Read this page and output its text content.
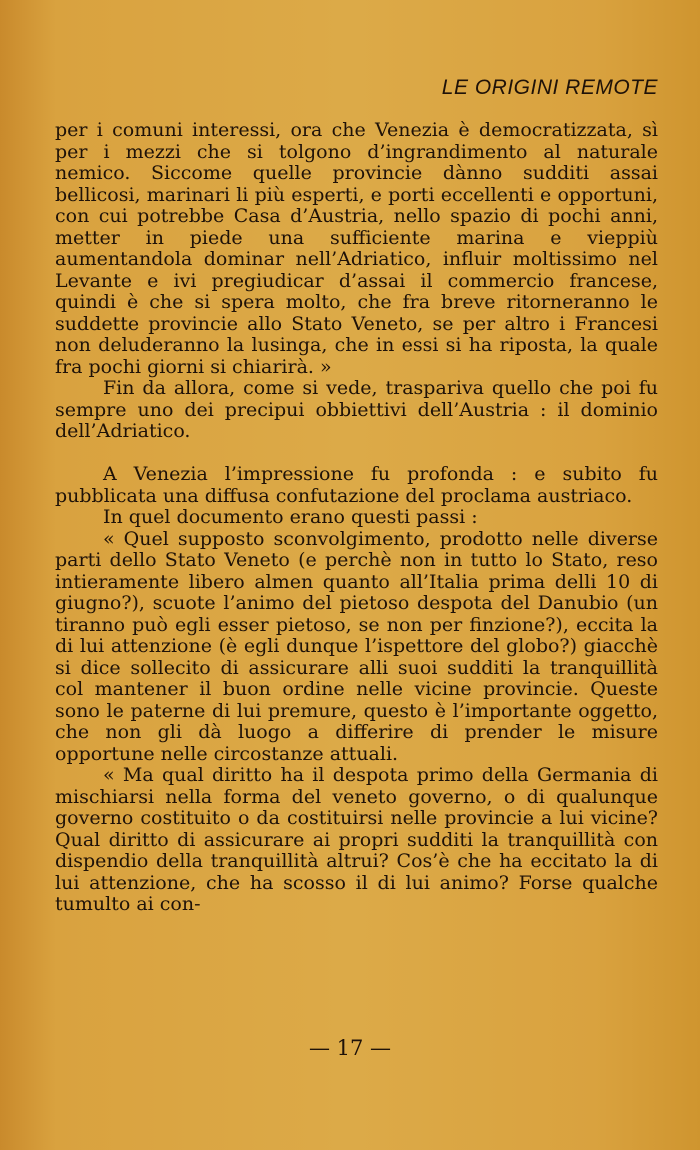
LE ORIGINI REMOTE

per i comuni interessi, ora che Venezia è democratizzata, sì per i mezzi che si tolgono d’ingrandimento al naturale nemico. Siccome quelle provincie dànno sudditi assai bellicosi, marinari li più esperti, e porti eccellenti e opportuni, con cui potrebbe Casa d’Austria, nello spazio di pochi anni, metter in piede una sufficiente marina e vieppiù aumentandola dominar nell’Adriatico, influir moltissimo nel Levante e ivi pregiudicar d’assai il commercio francese, quindi è che si spera molto, che fra breve ritorneranno le suddette provincie allo Stato Veneto, se per altro i Francesi non deluderanno la lusinga, che in essi si ha riposta, la quale fra pochi giorni si chiarirà. »

Fin da allora, come si vede, traspariva quello che poi fu sempre uno dei precipui obbiettivi dell’Austria : il dominio dell’Adriatico.

A Venezia l’impressione fu profonda : e subito fu pubblicata una diffusa confutazione del proclama austriaco.

In quel documento erano questi passi :

« Quel supposto sconvolgimento, prodotto nelle diverse parti dello Stato Veneto (e perchè non in tutto lo Stato, reso intieramente libero almen quanto all’Italia prima delli 10 di giugno?), scuote l’animo del pietoso despota del Danubio (un tiranno può egli esser pietoso, se non per finzione?), eccita la di lui attenzione (è egli dunque l’ispettore del globo?) giacchè si dice sollecito di assicurare alli suoi sudditi la tranquillità col mantener il buon ordine nelle vicine provincie. Queste sono le paterne di lui premure, questo è l’importante oggetto, che non gli dà luogo a differire di prender le misure opportune nelle circostanze attuali.

« Ma qual diritto ha il despota primo della Germania di mischiarsi nella forma del veneto governo, o di qualunque governo costituito o da costituirsi nelle provincie a lui vicine? Qual diritto di assicurare ai propri sudditi la tranquillità con dispendio della tranquillità altrui? Cos’è che ha eccitato la di lui attenzione, che ha scosso il di lui animo? Forse qualche tumulto ai con-

— 17 —
